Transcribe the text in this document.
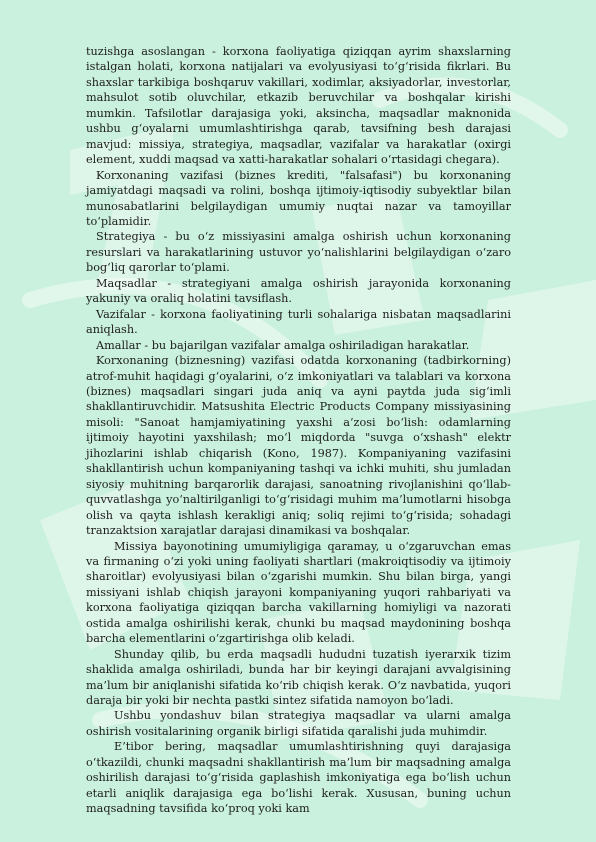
tuzishga asoslangan - korxona faoliyatiga qiziqqan ayrim shaxslarning istalgan holati, korxona natijalari va evolyusiyasi to‘g‘risida fikrlari. Bu shaxslar tarkibiga boshqaruv vakillari, xodimlar, aksiyadorlar, investorlar, mahsulot sotib oluvchilar, etkazib beruvchilar va boshqalar kirishi mumkin. Tafsilotlar darajasiga yoki, aksincha, maqsadlar maknonida ushbu g‘oyalarni umumlashtirishga qarab, tavsifning besh darajasi mavjud: missiya, strategiya, maqsadlar, vazifalar va harakatlar (oxirgi element, xuddi maqsad va xatti-harakatlar sohalari o‘rtasidagi chegara).

Korxonaning vazifasi (biznes krediti, "falsafasi") bu korxonaning jamiyatdagi maqsadi va rolini, boshqa ijtimoiy-iqtisodiy subyektlar bilan munosabatlarini belgilaydigan umumiy nuqtai nazar va tamoyillar to‘plamidir.

Strategiya - bu o‘z missiyasini amalga oshirish uchun korxonaning resurslari va harakatlarining ustuvor yo‘nalishlarini belgilaydigan o‘zaro bog‘liq qarorlar to‘plami.

Maqsadlar - strategiyani amalga oshirish jarayonida korxonaning yakuniy va oraliq holatini tavsiflash.

Vazifalar - korxona faoliyatining turli sohalariga nisbatan maqsadlarini aniqlash.

Amallar - bu bajarilgan vazifalar amalga oshiriladigan harakatlar.

Korxonaning (biznesning) vazifasi odatda korxonaning (tadbirkorning) atrof-muhit haqidagi g‘oyalarini, o‘z imkoniyatlari va talablari va korxona (biznes) maqsadlari singari juda aniq va ayni paytda juda sig‘imli shakllantiruvchidir. Matsushita Electric Products Company missiyasining misoli: "Sanoat hamjamiyatining yaxshi a’zosi bo‘lish: odamlarning ijtimoiy hayotini yaxshilash; mo‘l miqdorda "suvga o‘xshash" elektr jihozlarini ishlab chiqarish (Kono, 1987). Kompaniyaning vazifasini shakllantirish uchun kompaniyaning tashqi va ichki muhiti, shu jumladan siyosiy muhitning barqarorlik darajasi, sanoatning rivojlanishini qo‘llab-quvvatlashga yo‘naltirilganligi to‘g‘risidagi muhim ma’lumotlarni hisobga olish va qayta ishlash kerakligi aniq; soliq rejimi to‘g‘risida; sohadagi tranzaktsion xarajatlar darajasi dinamikasi va boshqalar.

Missiya bayonotining umumiyligiga qaramay, u o‘zgaruvchan emas va firmaning o‘zi yoki uning faoliyati shartlari (makroiqtisodiy va ijtimoiy sharoitlar) evolyusiyasi bilan o‘zgarishi mumkin. Shu bilan birga, yangi missiyani ishlab chiqish jarayoni kompaniyaning yuqori rahbariyati va korxona faoliyatiga qiziqqan barcha vakillarning homiyligi va nazorati ostida amalga oshirilishi kerak, chunki bu maqsad maydonining boshqa barcha elementlarini o‘zgartirishga olib keladi.

Shunday qilib, bu erda maqsadli hududni tuzatish iyerarxik tizim shaklida amalga oshiriladi, bunda har bir keyingi darajani avvalgisining ma’lum bir aniqlanishi sifatida ko‘rib chiqish kerak. O‘z navbatida, yuqori daraja bir yoki bir nechta pastki sintez sifatida namoyon bo‘ladi.

Ushbu yondashuv bilan strategiya maqsadlar va ularni amalga oshirish vositalarining organik birligi sifatida qaralishi juda muhimdir.

E’tibor bering, maqsadlar umumlashtirishning quyi darajasiga o‘tkazildi, chunki maqsadni shakllantirish ma’lum bir maqsadning amalga oshirilish darajasi to‘g‘risida gaplashish imkoniyatiga ega bo‘lish uchun etarli aniqlik darajasiga ega bo‘lishi kerak. Xususan, buning uchun maqsadning tavsifida ko‘proq yoki kam
